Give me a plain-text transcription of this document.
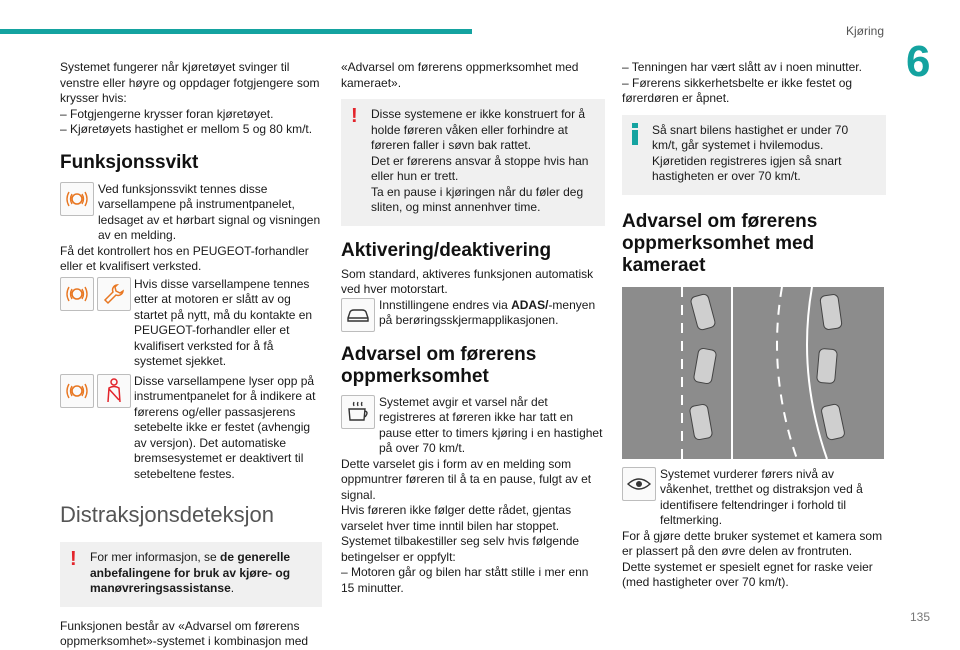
Kjøring
6
135

Systemet fungerer når kjøretøyet svinger til venstre eller høyre og oppdager fotgjengere som krysser hvis:

– Fotgjengerne krysser foran kjøretøyet.

– Kjøretøyets hastighet er mellom 5 og 80 km/t.

Funksjonssvikt
Ved funksjonssvikt tennes disse varsellampene på instrumentpanelet, ledsaget av et hørbart signal og visningen av en melding.

Få det kontrollert hos en PEUGEOT-forhandler eller et kvalifisert verksted.

Hvis disse varsellampene tennes etter at motoren er slått av og startet på nytt, må du kontakte en PEUGEOT-forhandler eller et kvalifisert verksted for å få systemet sjekket.
Disse varsellampene lyser opp på instrumentpanelet for å indikere at førerens og/eller passasjerens setebelte ikke er festet (avhengig av versjon). Det automatiske bremsesystemet er deaktivert til setebeltene festes.
Distraksjonsdeteksjon
! For mer informasjon, se de generelle anbefalingene for bruk av kjøre- og manøvreringsassistanse.

Funksjonen består av «Advarsel om førerens oppmerksomhet»-systemet i kombinasjon med

«Advarsel om førerens oppmerksomhet med kameraet».

! Disse systemene er ikke konstruert for å holde føreren våken eller forhindre at føreren faller i søvn bak rattet.

Det er førerens ansvar å stoppe hvis han eller hun er trett.

Ta en pause i kjøringen når du føler deg sliten, og minst annenhver time.

Aktivering/deaktivering

Som standard, aktiveres funksjonen automatisk ved hver motorstart.

Innstillingene endres via ADAS/-menyen på berøringsskjermapplikasjonen.
Advarsel om førerens oppmerksomhet
Systemet avgir et varsel når det registreres at føreren ikke har tatt en pause etter to timers kjøring i en hastighet på over 70 km/t.

Dette varselet gis i form av en melding som oppmuntrer føreren til å ta en pause, fulgt av et signal.

Hvis føreren ikke følger dette rådet, gjentas varselet hver time inntil bilen har stoppet.

Systemet tilbakestiller seg selv hvis følgende betingelser er oppfylt:

– Motoren går og bilen har stått stille i mer enn 15 minutter.

– Tenningen har vært slått av i noen minutter.

– Førerens sikkerhetsbelte er ikke festet og førerdøren er åpnet.

Så snart bilens hastighet er under 70 km/t, går systemet i hvilemodus. Kjøretiden registreres igjen så snart hastigheten er over 70 km/t.
Advarsel om førerens oppmerksomhet med kameraet
Systemet vurderer førers nivå av våkenhet, tretthet og distraksjon ved å identifisere feltendringer i forhold til feltmerking.

For å gjøre dette bruker systemet et kamera som er plassert på den øvre delen av frontruten.

Dette systemet er spesielt egnet for raske veier (med hastigheter over 70 km/t).
